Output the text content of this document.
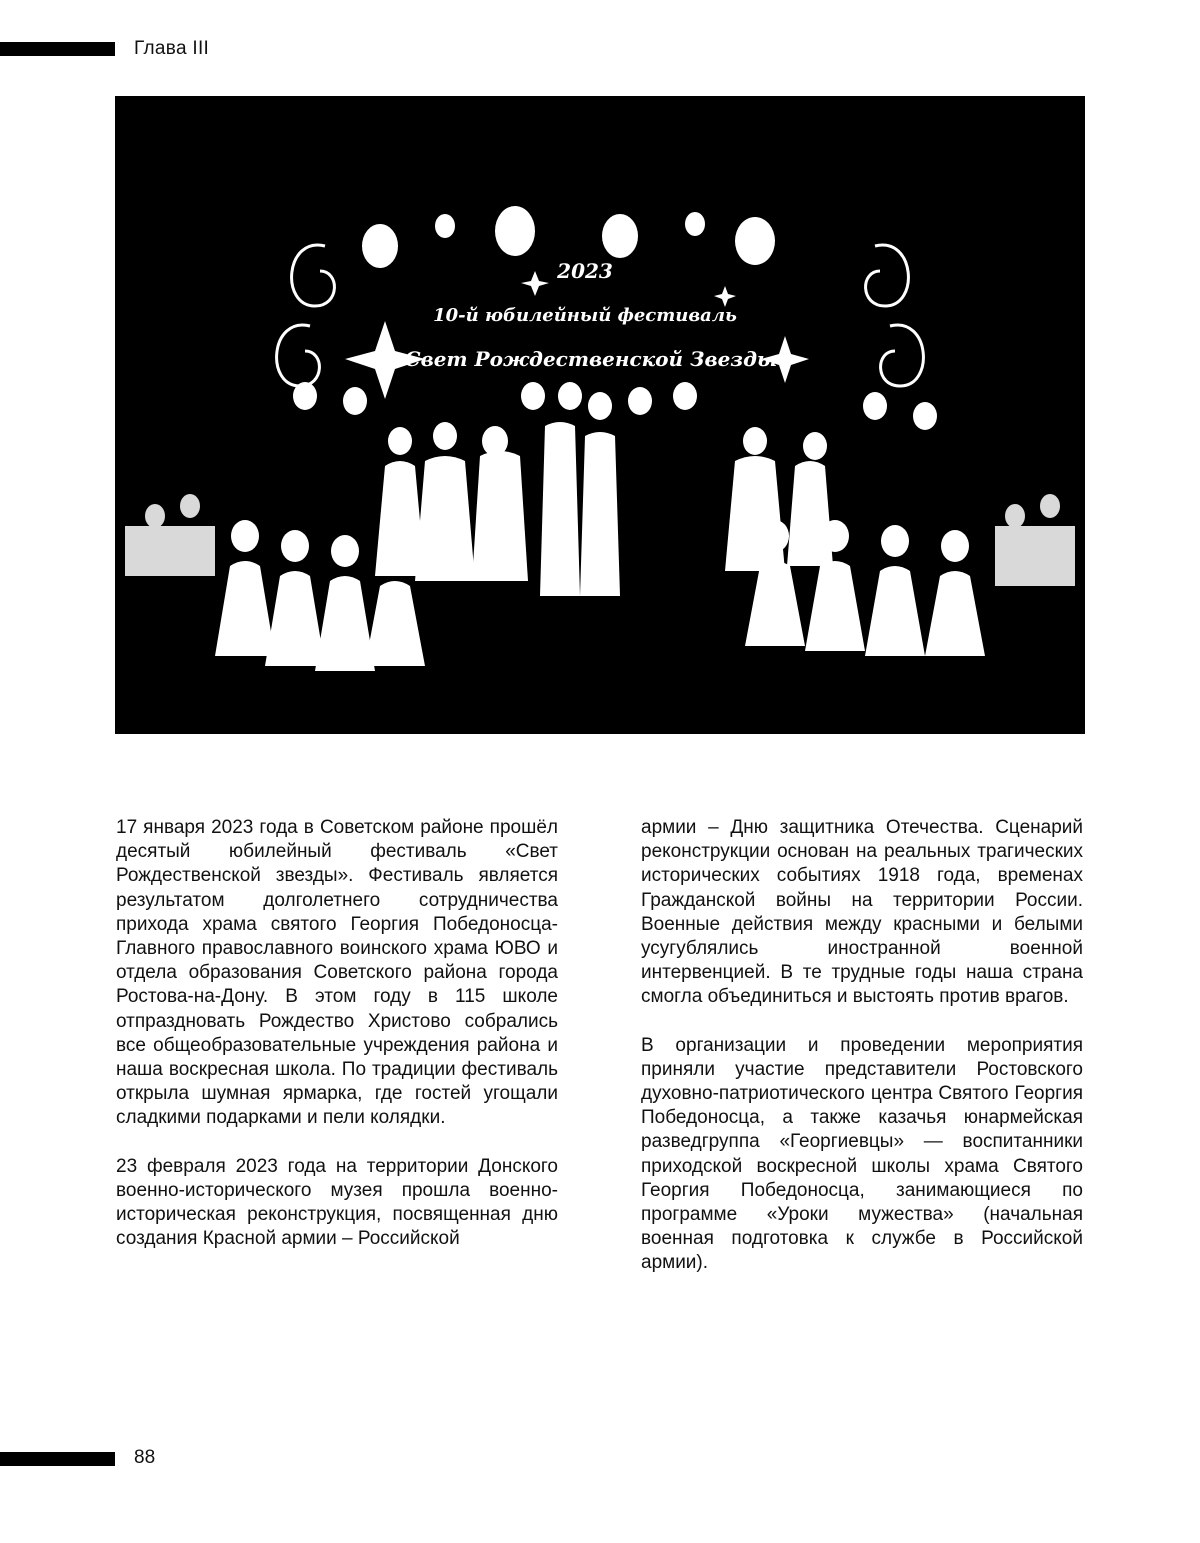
Глава III
2023
10-й юбилейный фестиваль
«Свет Рождественской Звезды»

17 января 2023 года в Советском районе прошёл десятый юбилейный фестиваль «Свет Рождественской звезды». Фестиваль является результатом долголетнего сотрудничества прихода храма святого Георгия Победоносца-Главного православного воинского храма ЮВО и отдела образования Советского района города Ростова-на-Дону. В этом году в 115 школе отпраздновать Рождество Христово собрались все общеобразовательные учреждения района и наша воскресная школа. По традиции фестиваль открыла шумная ярмарка, где гостей угощали сладкими подарками и пели колядки.

23 февраля 2023 года на территории Донского военно-исторического музея прошла военно-историческая реконструкция, посвященная дню создания Красной армии – Российской

армии – Дню защитника Отечества. Сценарий реконструкции основан на реальных трагических исторических событиях 1918 года, временах Гражданской войны на территории России. Военные действия между красными и белыми усугублялись иностранной военной интервенцией. В те трудные годы наша страна смогла объединиться и выстоять против врагов.

В организации и проведении мероприятия приняли участие представители Ростовского духовно-патриотического центра Святого Георгия Победоносца, а также казачья юнармейская разведгруппа «Георгиевцы» — воспитанники приходской воскресной школы храма Святого Георгия Победоносца, занимающиеся по программе «Уроки мужества» (начальная военная подготовка к службе в Российской армии).

88
